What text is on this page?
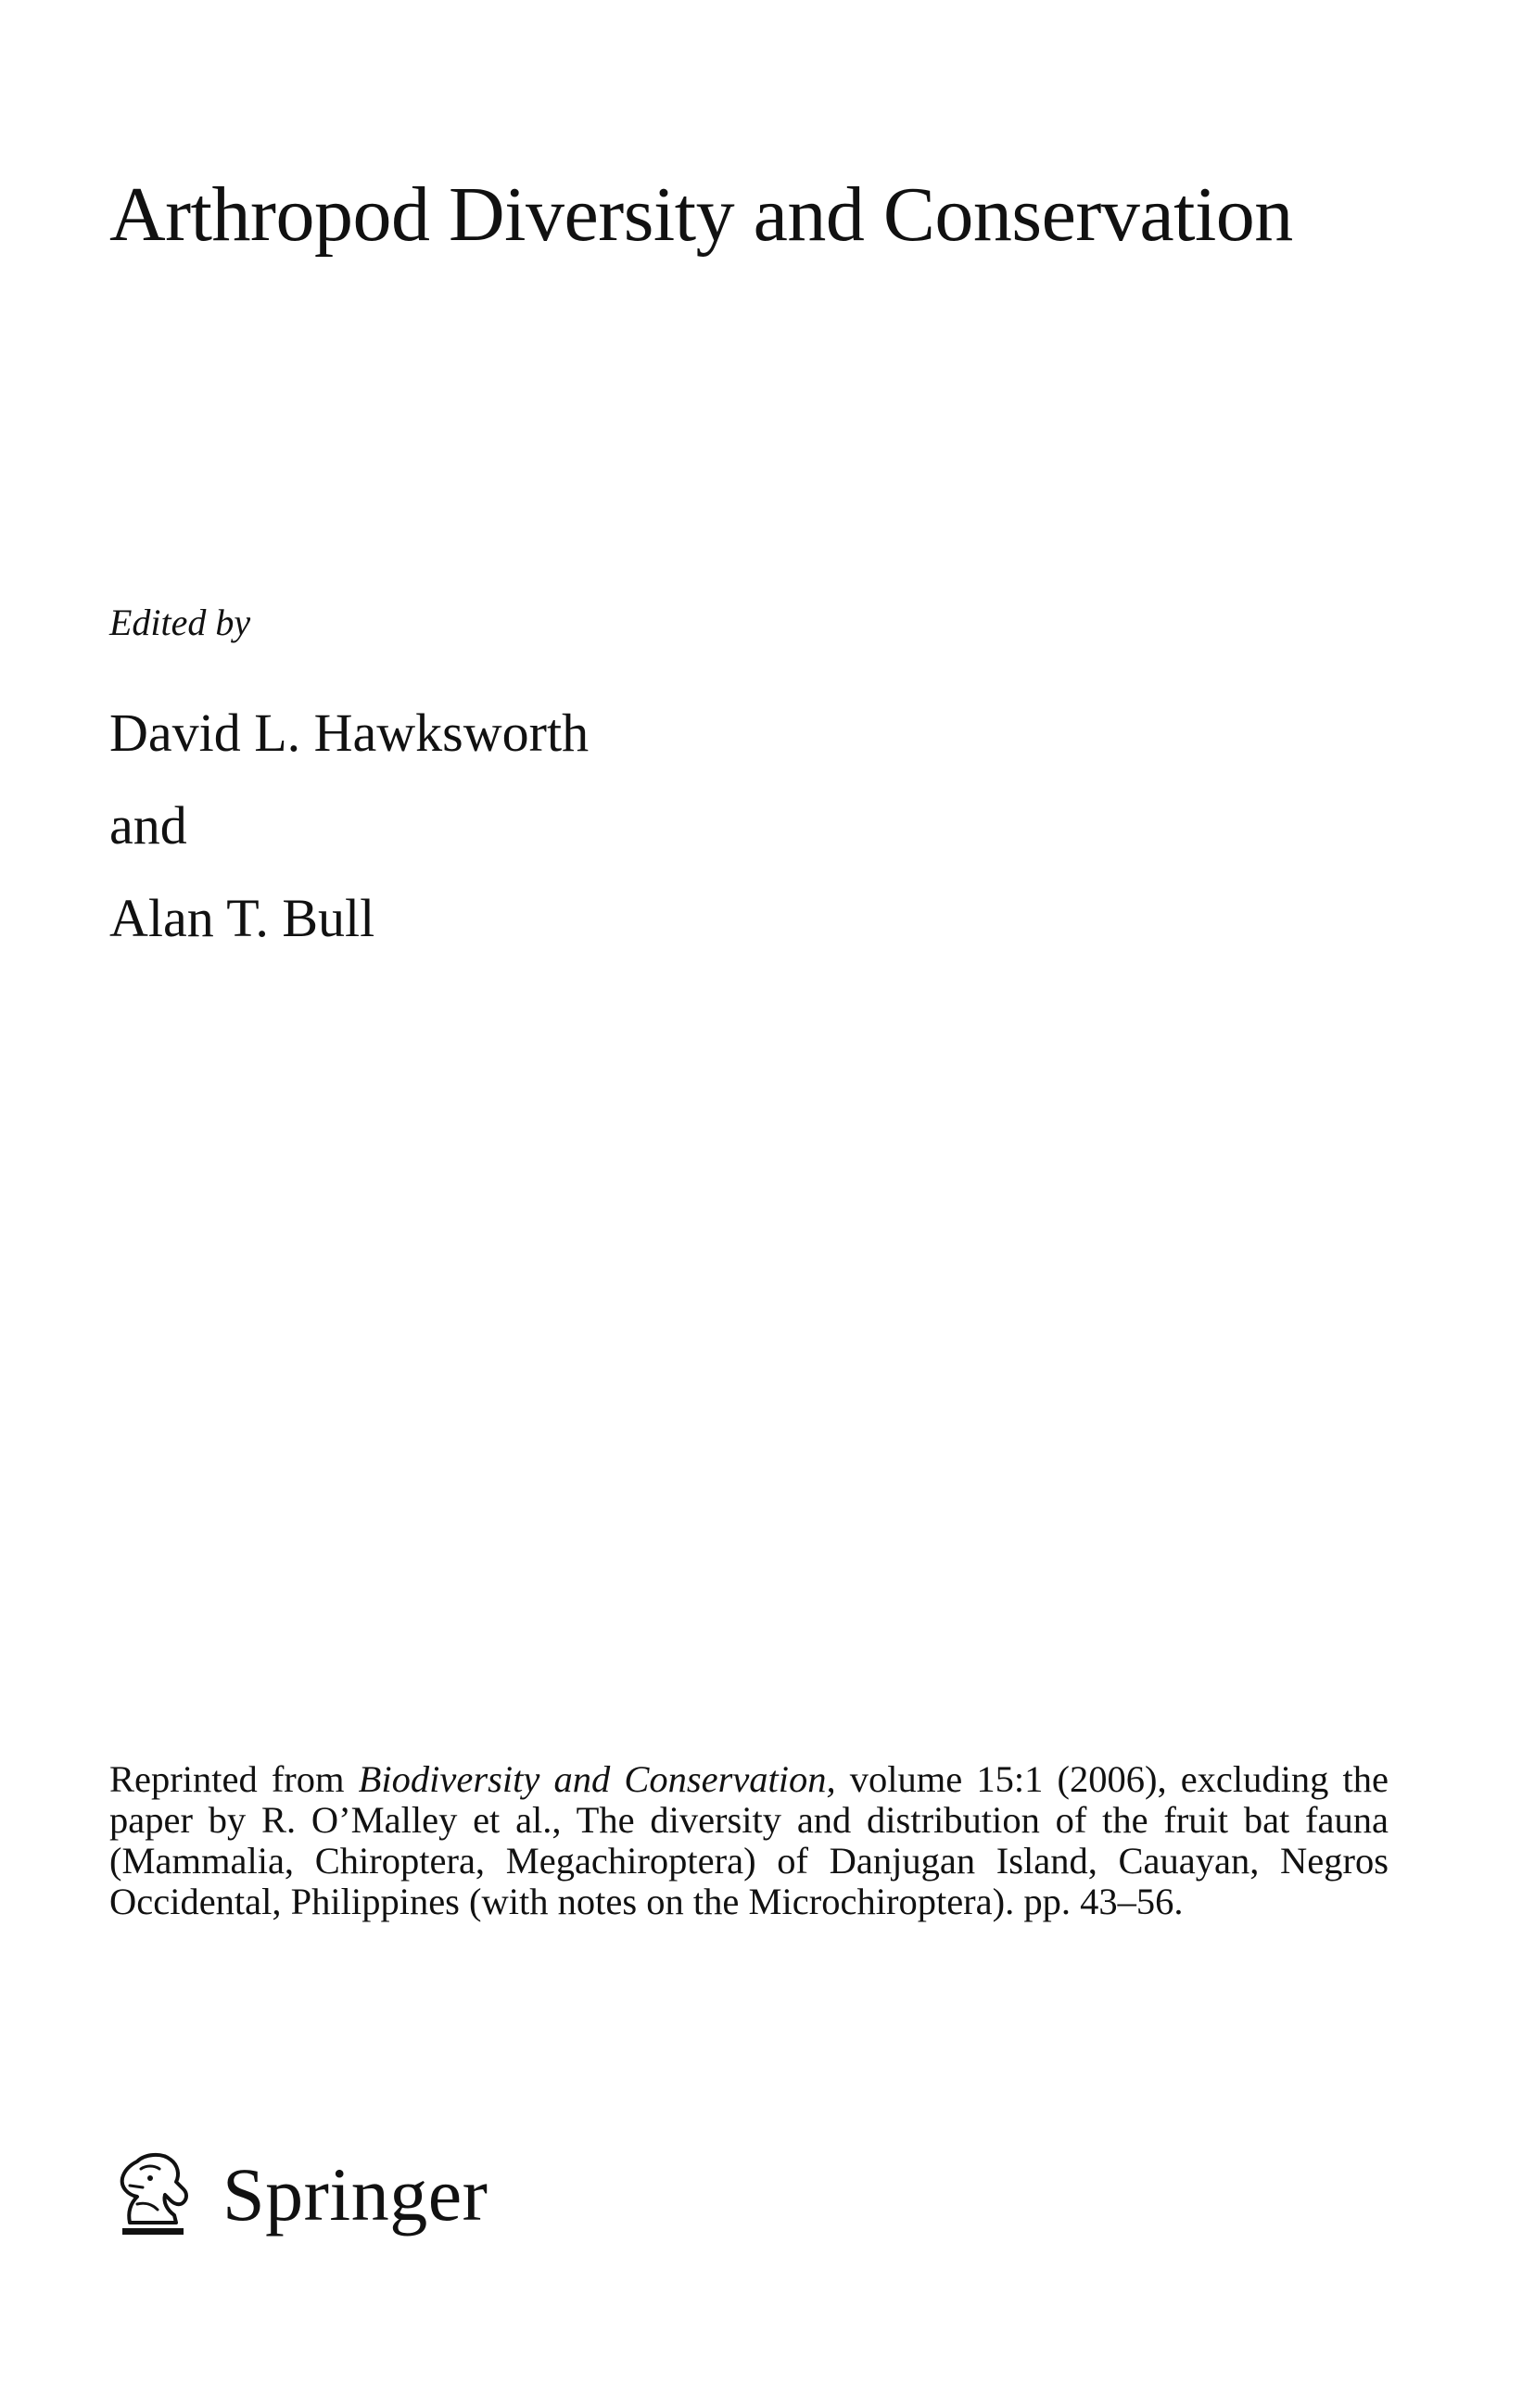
Arthropod Diversity and Conservation
Edited by
David L. Hawksworth
and
Alan T. Bull

Reprinted from Biodiversity and Conservation, volume 15:1 (2006), excluding the paper by R. O’Malley et al., The diversity and distribution of the fruit bat fauna (Mammalia, Chiroptera, Megachiroptera) of Danjugan Island, Cauayan, Negros Occidental, Philippines (with notes on the Microchiroptera). pp. 43–56.

Springer
